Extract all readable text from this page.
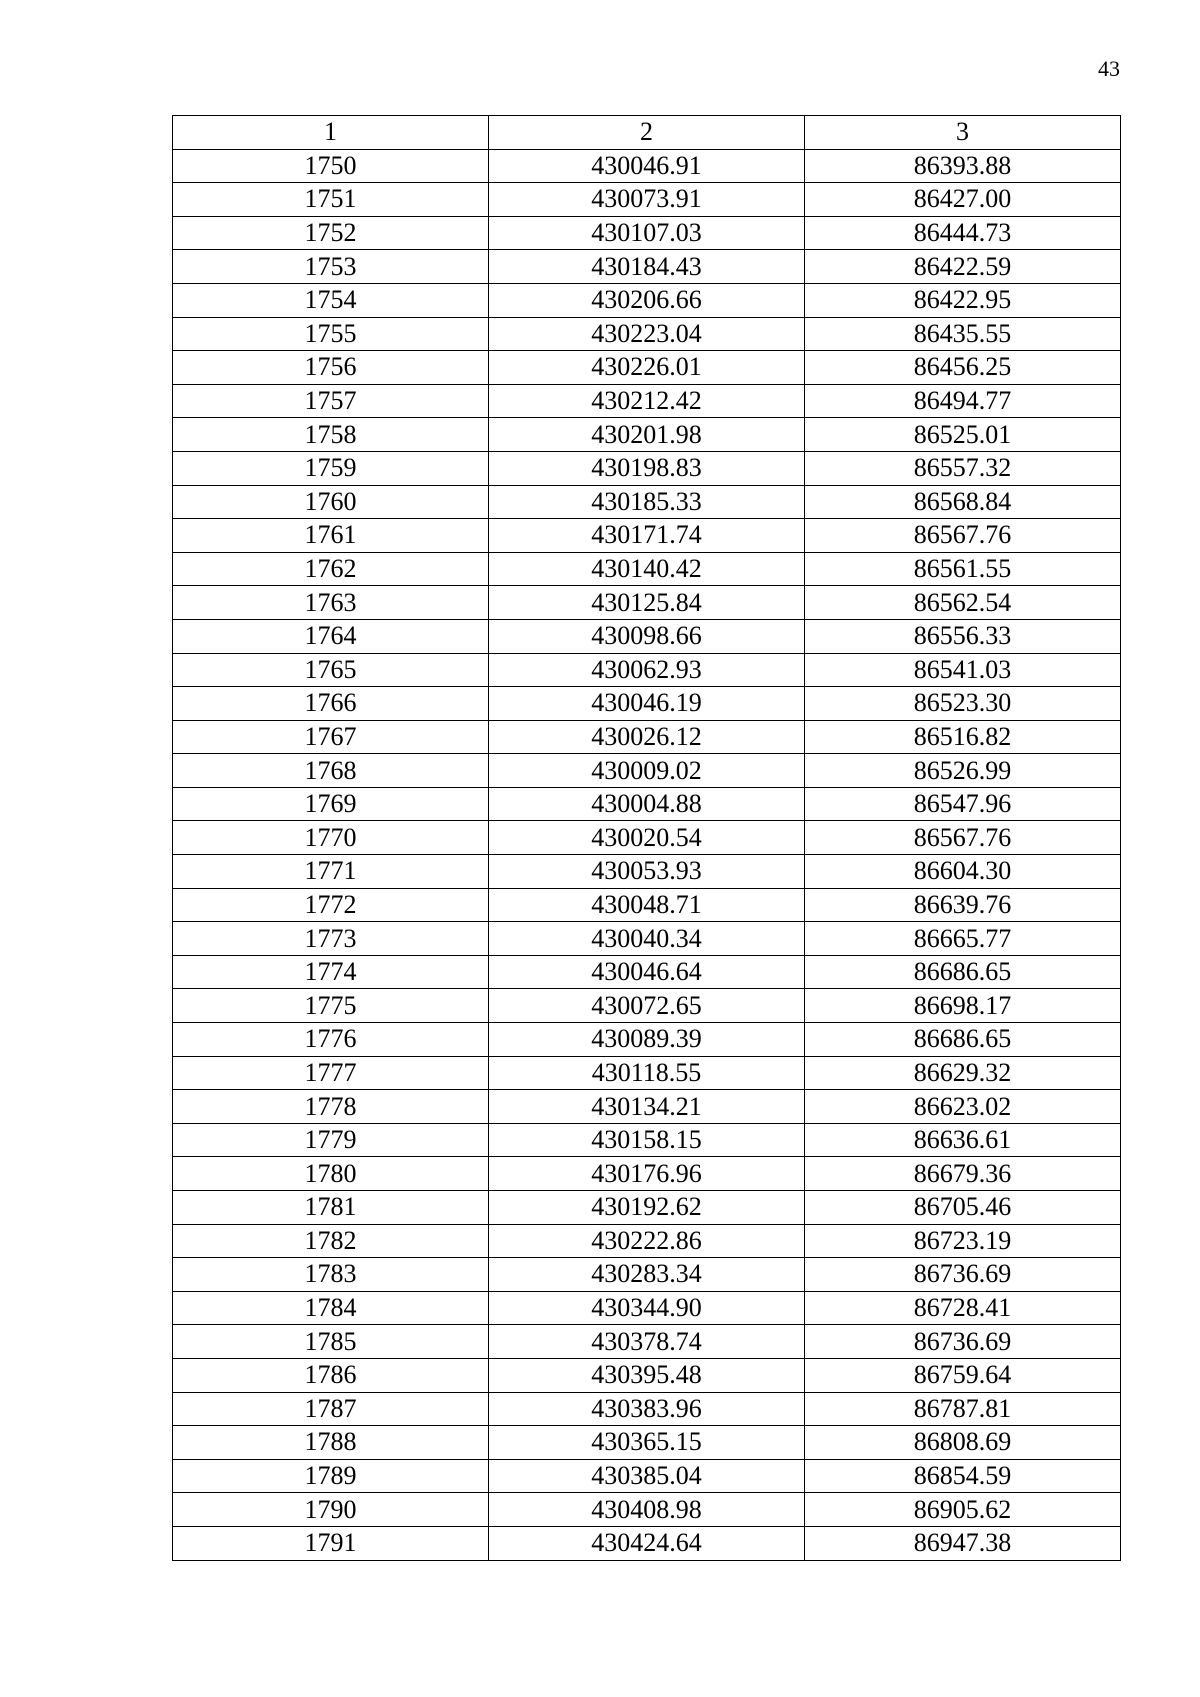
43
1	2	3
1750	430046.91	86393.88
1751	430073.91	86427.00
1752	430107.03	86444.73
1753	430184.43	86422.59
1754	430206.66	86422.95
1755	430223.04	86435.55
1756	430226.01	86456.25
1757	430212.42	86494.77
1758	430201.98	86525.01
1759	430198.83	86557.32
1760	430185.33	86568.84
1761	430171.74	86567.76
1762	430140.42	86561.55
1763	430125.84	86562.54
1764	430098.66	86556.33
1765	430062.93	86541.03
1766	430046.19	86523.30
1767	430026.12	86516.82
1768	430009.02	86526.99
1769	430004.88	86547.96
1770	430020.54	86567.76
1771	430053.93	86604.30
1772	430048.71	86639.76
1773	430040.34	86665.77
1774	430046.64	86686.65
1775	430072.65	86698.17
1776	430089.39	86686.65
1777	430118.55	86629.32
1778	430134.21	86623.02
1779	430158.15	86636.61
1780	430176.96	86679.36
1781	430192.62	86705.46
1782	430222.86	86723.19
1783	430283.34	86736.69
1784	430344.90	86728.41
1785	430378.74	86736.69
1786	430395.48	86759.64
1787	430383.96	86787.81
1788	430365.15	86808.69
1789	430385.04	86854.59
1790	430408.98	86905.62
1791	430424.64	86947.38
